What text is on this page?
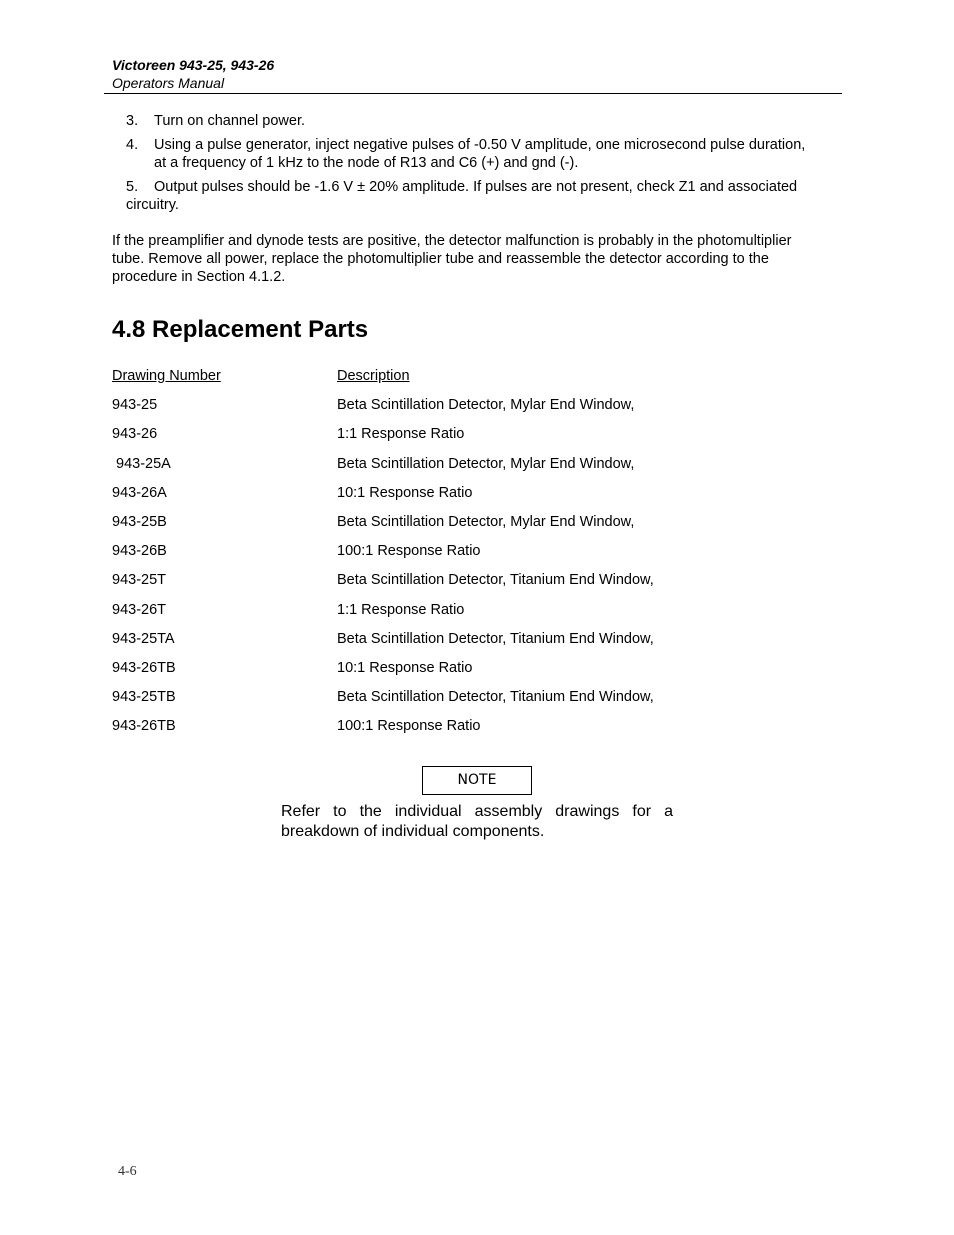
Victoreen 943-25, 943-26
Operators Manual
3. Turn on channel power.
4. Using a pulse generator, inject negative pulses of -0.50 V amplitude, one microsecond pulse duration, at a frequency of 1 kHz to the node of R13 and C6 (+) and gnd (-).
5. Output pulses should be -1.6 V ± 20% amplitude. If pulses are not present, check Z1 and associated circuitry.
If the preamplifier and dynode tests are positive, the detector malfunction is probably in the photomultiplier tube. Remove all power, replace the photomultiplier tube and reassemble the detector according to the procedure in Section 4.1.2.
4.8 Replacement Parts
Drawing Number	Description
943-25	Beta Scintillation Detector, Mylar End Window,
943-26	1:1 Response Ratio
943-25A	Beta Scintillation Detector, Mylar End Window,
943-26A	10:1 Response Ratio
943-25B	Beta Scintillation Detector, Mylar End Window,
943-26B	100:1 Response Ratio
943-25T	Beta Scintillation Detector, Titanium End Window,
943-26T	1:1 Response Ratio
943-25TA	Beta Scintillation Detector, Titanium End Window,
943-26TB	10:1 Response Ratio
943-25TB	Beta Scintillation Detector, Titanium End Window,
943-26TB	100:1 Response Ratio
NOTE
Refer to the individual assembly drawings for a breakdown of individual components.
4-6
